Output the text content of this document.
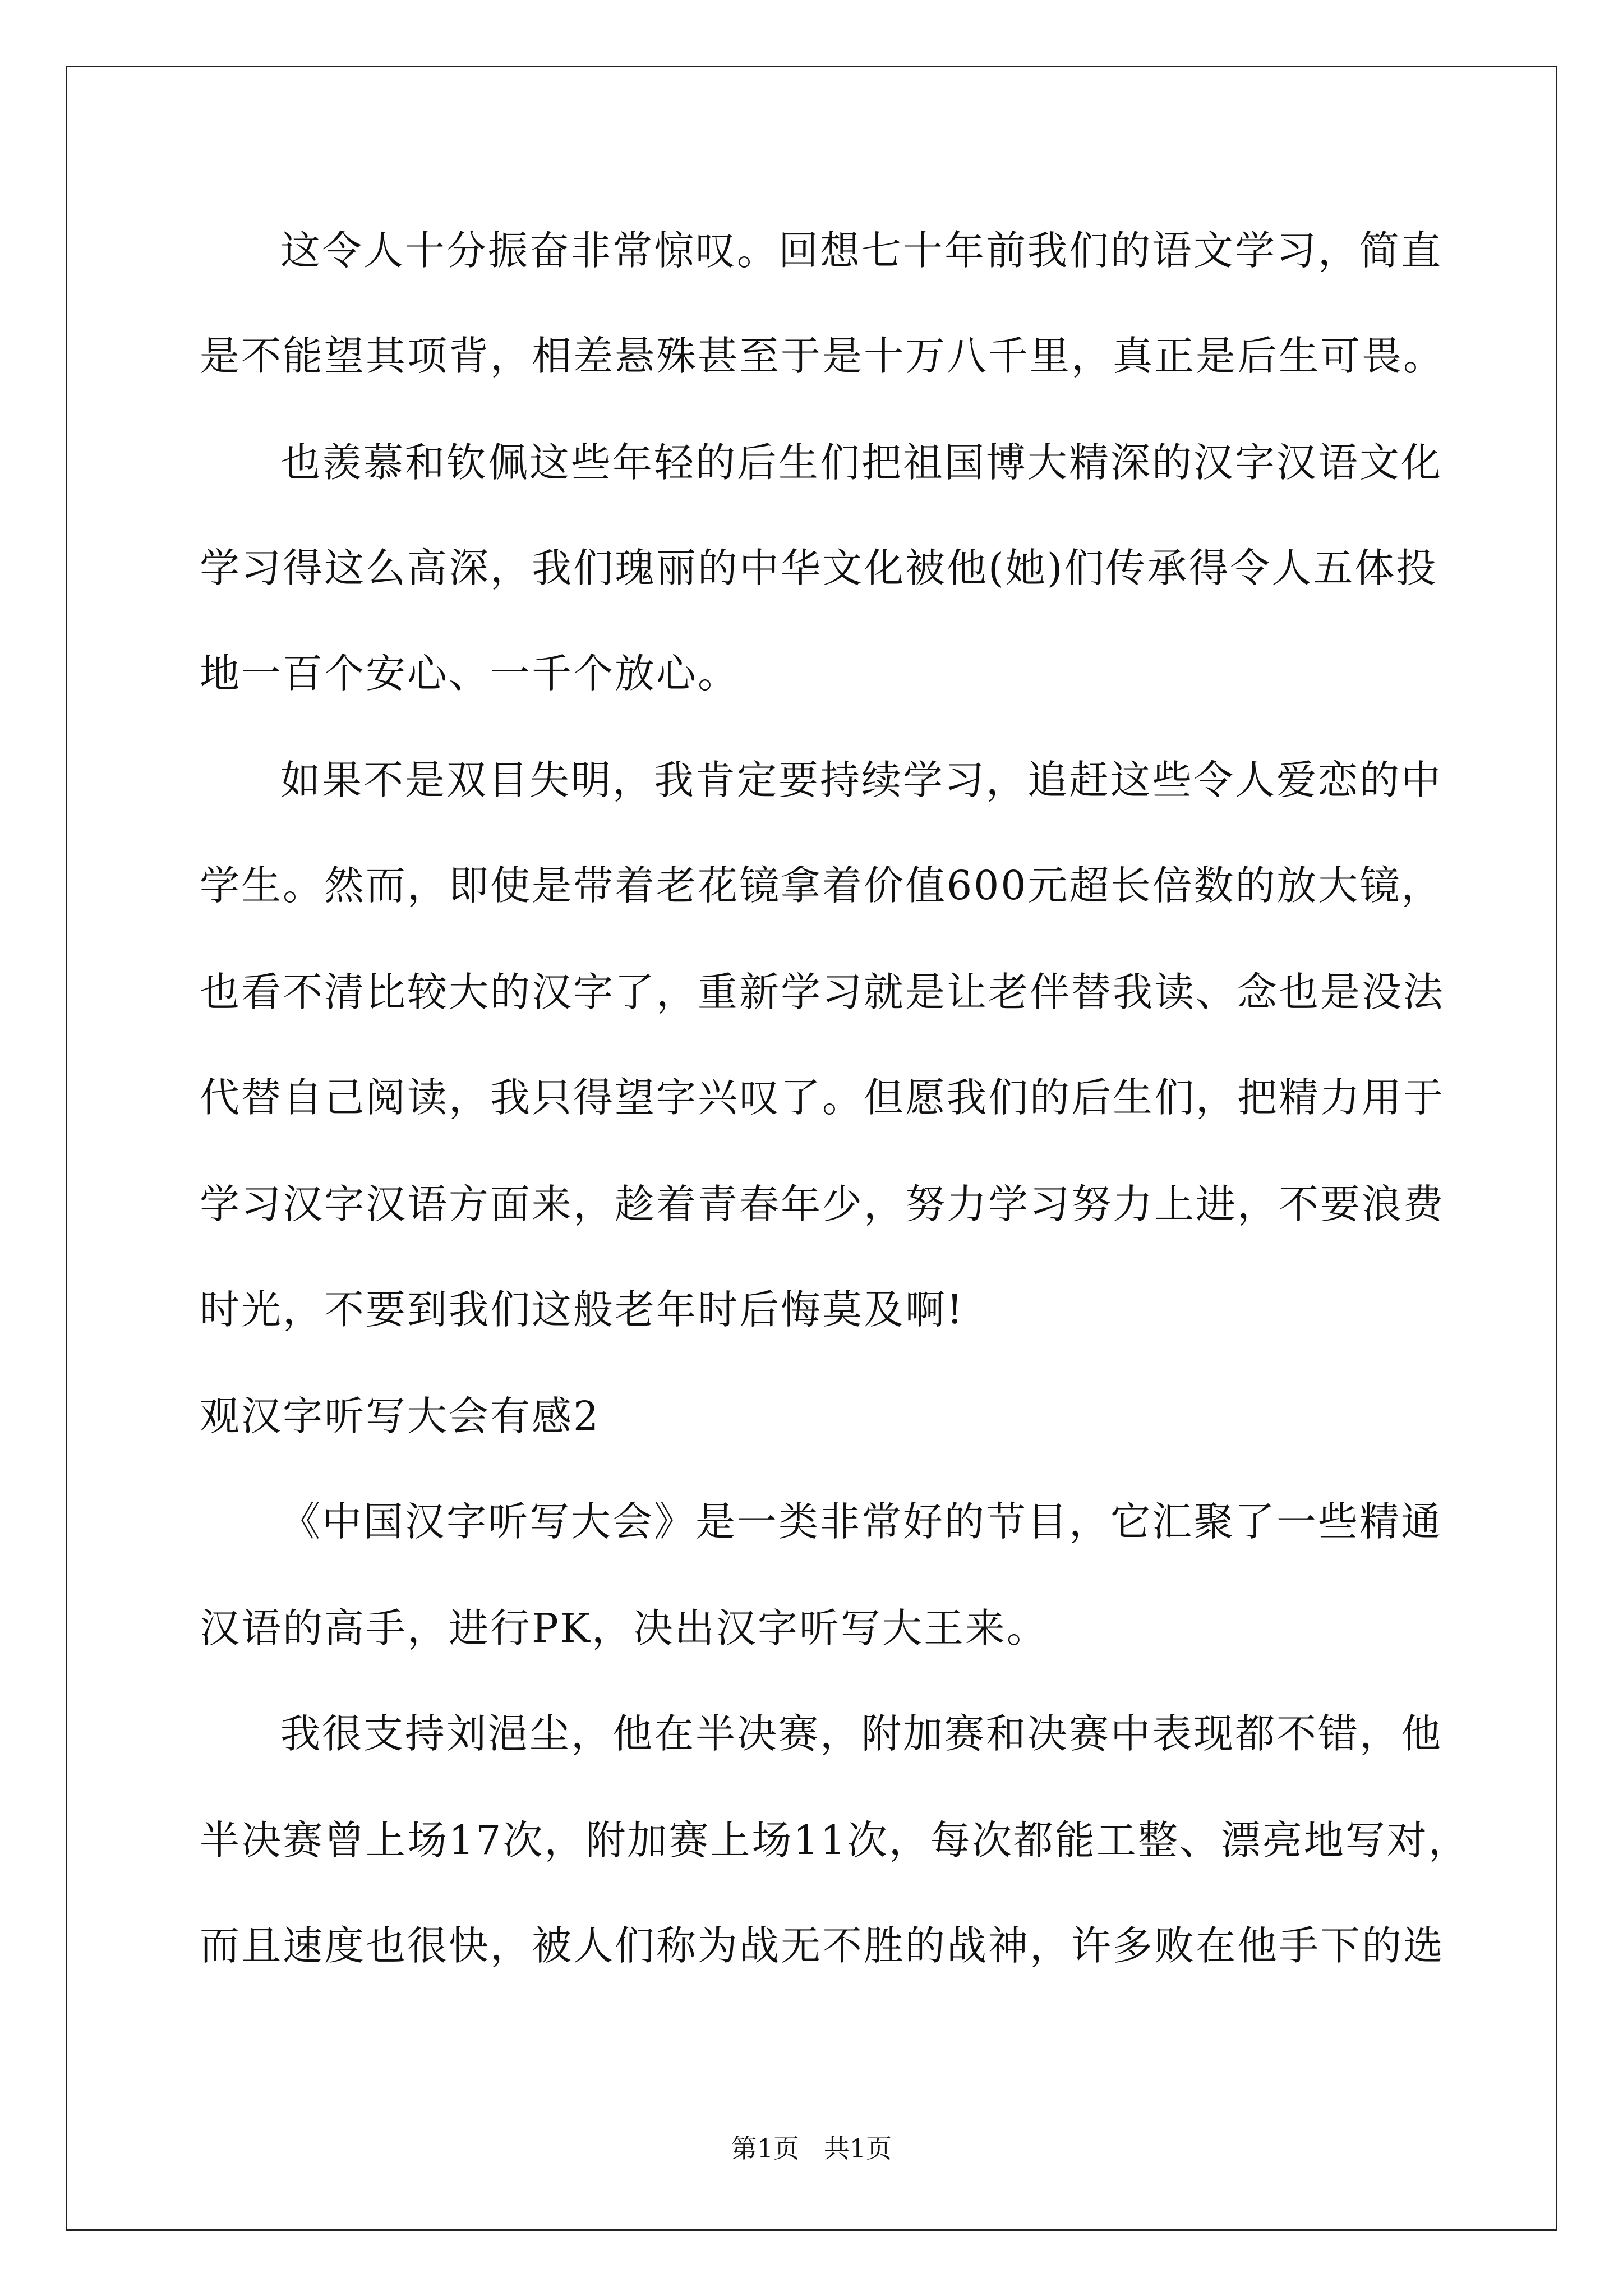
这令人十分振奋非常惊叹。回想七十年前我们的语文学习，简直
是不能望其项背，相差悬殊甚至于是十万八千里，真正是后生可畏。
也羡慕和钦佩这些年轻的后生们把祖国博大精深的汉字汉语文化
学习得这么高深，我们瑰丽的中华文化被他(她)们传承得令人五体投
地一百个安心、一千个放心。
如果不是双目失明，我肯定要持续学习，追赶这些令人爱恋的中
学生。然而，即使是带着老花镜拿着价值600元超长倍数的放大镜，
也看不清比较大的汉字了，重新学习就是让老伴替我读、念也是没法
代替自己阅读，我只得望字兴叹了。但愿我们的后生们，把精力用于
学习汉字汉语方面来，趁着青春年少，努力学习努力上进，不要浪费
时光，不要到我们这般老年时后悔莫及啊!
观汉字听写大会有感2
《中国汉字听写大会》是一类非常好的节目，它汇聚了一些精通
汉语的高手，进行PK，决出汉字听写大王来。
我很支持刘浥尘，他在半决赛，附加赛和决赛中表现都不错，他
半决赛曾上场17次，附加赛上场11次，每次都能工整、漂亮地写对，
而且速度也很快，被人们称为战无不胜的战神，许多败在他手下的选
第1页   共1页
